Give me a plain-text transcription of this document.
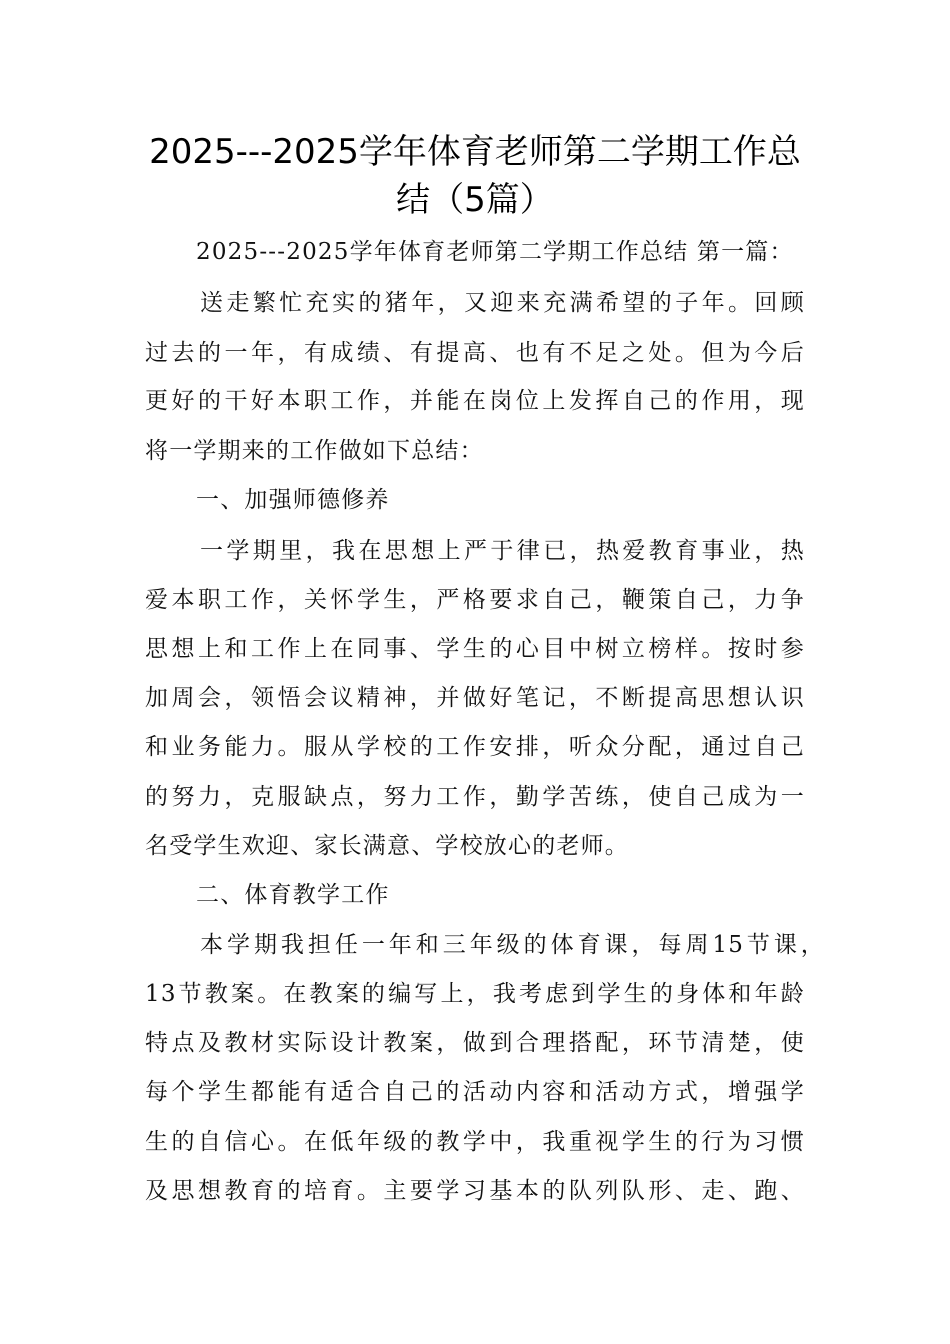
2025---2025学年体育老师第二学期工作总
结（5篇）
2025---2025学年体育老师第二学期工作总结 第一篇：
送走繁忙充实的猪年，又迎来充满希望的子年。回顾
过去的一年，有成绩、有提高、也有不足之处。但为今后
更好的干好本职工作，并能在岗位上发挥自己的作用，现
将一学期来的工作做如下总结：
一、加强师德修养
一学期里，我在思想上严于律已，热爱教育事业，热
爱本职工作，关怀学生，严格要求自己，鞭策自己，力争
思想上和工作上在同事、学生的心目中树立榜样。按时参
加周会，领悟会议精神，并做好笔记，不断提高思想认识
和业务能力。服从学校的工作安排，听众分配，通过自己
的努力，克服缺点，努力工作，勤学苦练，使自己成为一
名受学生欢迎、家长满意、学校放心的老师。
二、体育教学工作
本学期我担任一年和三年级的体育课，每周15节课，
13节教案。在教案的编写上，我考虑到学生的身体和年龄
特点及教材实际设计教案，做到合理搭配，环节清楚，使
每个学生都能有适合自己的活动内容和活动方式，增强学
生的自信心。在低年级的教学中，我重视学生的行为习惯
及思想教育的培育。主要学习基本的队列队形、走、跑、
